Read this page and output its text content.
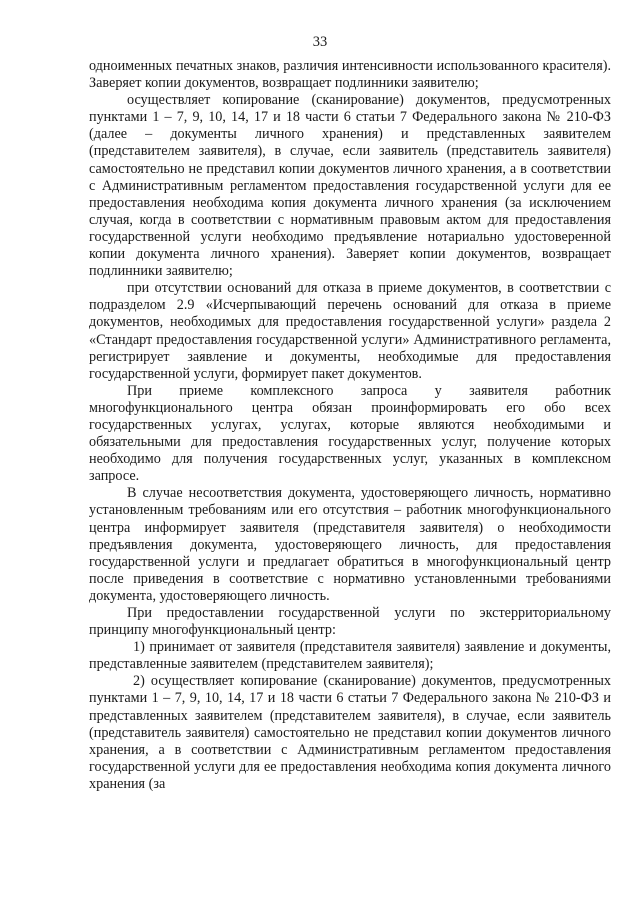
33

одноименных печатных знаков, различия интенсивности использованного красителя). Заверяет копии документов, возвращает подлинники заявителю;

осуществляет копирование (сканирование) документов, предусмотренных пунктами 1 – 7, 9, 10, 14, 17 и 18 части 6 статьи 7 Федерального закона № 210-ФЗ (далее – документы личного хранения) и представленных заявителем (представителем заявителя), в случае, если заявитель (представитель заявителя) самостоятельно не представил копии документов личного хранения, а в соответствии с Административным регламентом предоставления государственной услуги для ее предоставления необходима копия документа личного хранения (за исключением случая, когда в соответствии с нормативным правовым актом для предоставления государственной услуги необходимо предъявление нотариально удостоверенной копии документа личного хранения). Заверяет копии документов, возвращает подлинники заявителю;

при отсутствии оснований для отказа в приеме документов, в соответствии с подразделом 2.9 «Исчерпывающий перечень оснований для отказа в приеме документов, необходимых для предоставления государственной услуги» раздела 2 «Стандарт предоставления государственной услуги» Административного регламента, регистрирует заявление и документы, необходимые для предоставления государственной услуги, формирует пакет документов.

При приеме комплексного запроса у заявителя работник многофункционального центра обязан проинформировать его обо всех государственных услугах, услугах, которые являются необходимыми и обязательными для предоставления государственных услуг, получение которых необходимо для получения государственных услуг, указанных в комплексном запросе.

В случае несоответствия документа, удостоверяющего личность, нормативно установленным требованиям или его отсутствия – работник многофункционального центра информирует заявителя (представителя заявителя) о необходимости предъявления документа, удостоверяющего личность, для предоставления государственной услуги и предлагает обратиться в многофункциональный центр после приведения в соответствие с нормативно установленными требованиями документа, удостоверяющего личность.

При предоставлении государственной услуги по экстерриториальному принципу многофункциональный центр:

1) принимает от заявителя (представителя заявителя) заявление и документы, представленные заявителем (представителем заявителя);

2) осуществляет копирование (сканирование) документов, предусмотренных пунктами 1 – 7, 9, 10, 14, 17 и 18 части 6 статьи 7 Федерального закона № 210-ФЗ и представленных заявителем (представителем заявителя), в случае, если заявитель (представитель заявителя) самостоятельно не представил копии документов личного хранения, а в соответствии с Административным регламентом предоставления государственной услуги для ее предоставления необходима копия документа личного хранения (за
